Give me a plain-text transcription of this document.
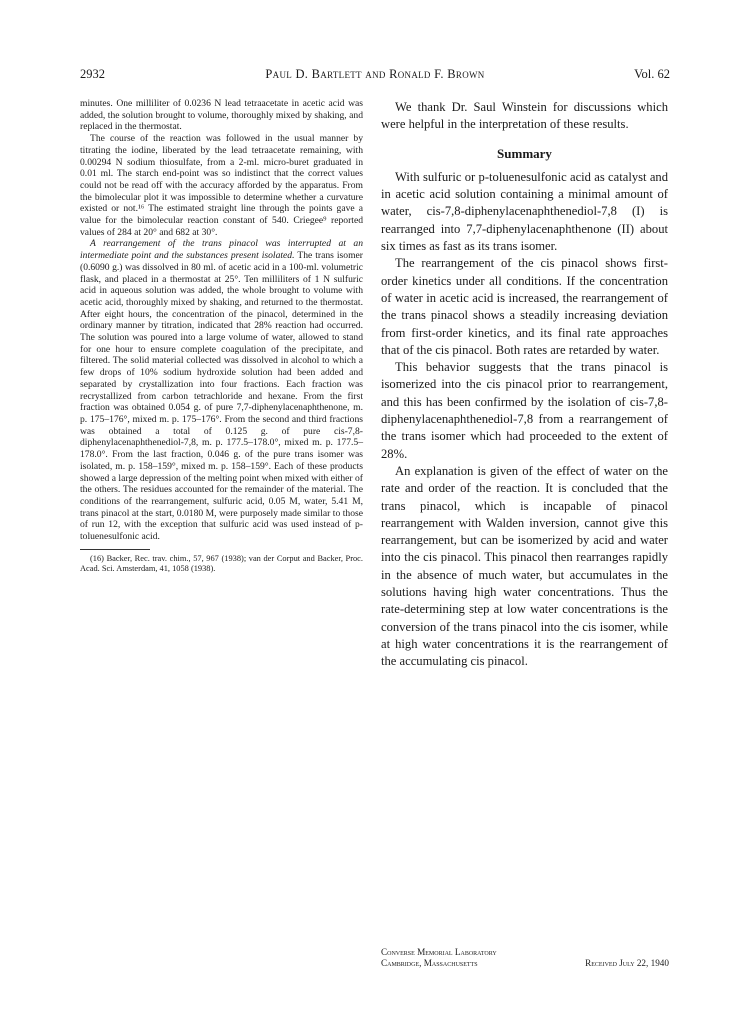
2932	Paul D. Bartlett and Ronald F. Brown	Vol. 62

minutes. One milliliter of 0.0236 N lead tetraacetate in acetic acid was added, the solution brought to volume, thoroughly mixed by shaking, and replaced in the thermostat.

The course of the reaction was followed in the usual manner by titrating the iodine, liberated by the lead tetraacetate remaining, with 0.00294 N sodium thiosulfate, from a 2-ml. micro-buret graduated in 0.01 ml. The starch end-point was so indistinct that the correct values could not be read off with the accuracy afforded by the apparatus. From the bimolecular plot it was impossible to determine whether a curvature existed or not.¹⁶ The estimated straight line through the points gave a value for the bimolecular reaction constant of 540. Criegee⁹ reported values of 284 at 20° and 682 at 30°.

A rearrangement of the trans pinacol was interrupted at an intermediate point and the substances present isolated. The trans isomer (0.6090 g.) was dissolved in 80 ml. of acetic acid in a 100-ml. volumetric flask, and placed in a thermostat at 25°. Ten milliliters of 1 N sulfuric acid in aqueous solution was added, the whole brought to volume with acetic acid, thoroughly mixed by shaking, and returned to the thermostat. After eight hours, the concentration of the pinacol, determined in the ordinary manner by titration, indicated that 28% reaction had occurred. The solution was poured into a large volume of water, allowed to stand for one hour to ensure complete coagulation of the precipitate, and filtered. The solid material collected was dissolved in alcohol to which a few drops of 10% sodium hydroxide solution had been added and separated by crystallization into four fractions. Each fraction was recrystallized from carbon tetrachloride and hexane. From the first fraction was obtained 0.054 g. of pure 7,7-diphenylacenaphthenone, m. p. 175–176°, mixed m. p. 175–176°. From the second and third fractions was obtained a total of 0.125 g. of pure cis-7,8-diphenylacenaphthenediol-7,8, m. p. 177.5–178.0°, mixed m. p. 177.5–178.0°. From the last fraction, 0.046 g. of the pure trans isomer was isolated, m. p. 158–159°, mixed m. p. 158–159°. Each of these products showed a large depression of the melting point when mixed with either of the others. The residues accounted for the remainder of the material. The conditions of the rearrangement, sulfuric acid, 0.05 M, water, 5.41 M, trans pinacol at the start, 0.0180 M, were purposely made similar to those of run 12, with the exception that sulfuric acid was used instead of p-toluenesulfonic acid.

(16) Backer, Rec. trav. chim., 57, 967 (1938); van der Corput and Backer, Proc. Acad. Sci. Amsterdam, 41, 1058 (1938).

We thank Dr. Saul Winstein for discussions which were helpful in the interpretation of these results.

Summary

With sulfuric or p-toluenesulfonic acid as catalyst and in acetic acid solution containing a minimal amount of water, cis-7,8-diphenylacenaphthenediol-7,8 (I) is rearranged into 7,7-diphenylacenaphthenone (II) about six times as fast as its trans isomer.

The rearrangement of the cis pinacol shows first-order kinetics under all conditions. If the concentration of water in acetic acid is increased, the rearrangement of the trans pinacol shows a steadily increasing deviation from first-order kinetics, and its final rate approaches that of the cis pinacol. Both rates are retarded by water.

This behavior suggests that the trans pinacol is isomerized into the cis pinacol prior to rearrangement, and this has been confirmed by the isolation of cis-7,8-diphenylacenaphthenediol-7,8 from a rearrangement of the trans isomer which had proceeded to the extent of 28%.

An explanation is given of the effect of water on the rate and order of the reaction. It is concluded that the trans pinacol, which is incapable of pinacol rearrangement with Walden inversion, cannot give this rearrangement, but can be isomerized by acid and water into the cis pinacol. This pinacol then rearranges rapidly in the absence of much water, but accumulates in the solutions having high water concentrations. Thus the rate-determining step at low water concentrations is the conversion of the trans pinacol into the cis isomer, while at high water concentrations it is the rearrangement of the accumulating cis pinacol.

Converse Memorial Laboratory
Cambridge, Massachusetts	Received July 22, 1940
